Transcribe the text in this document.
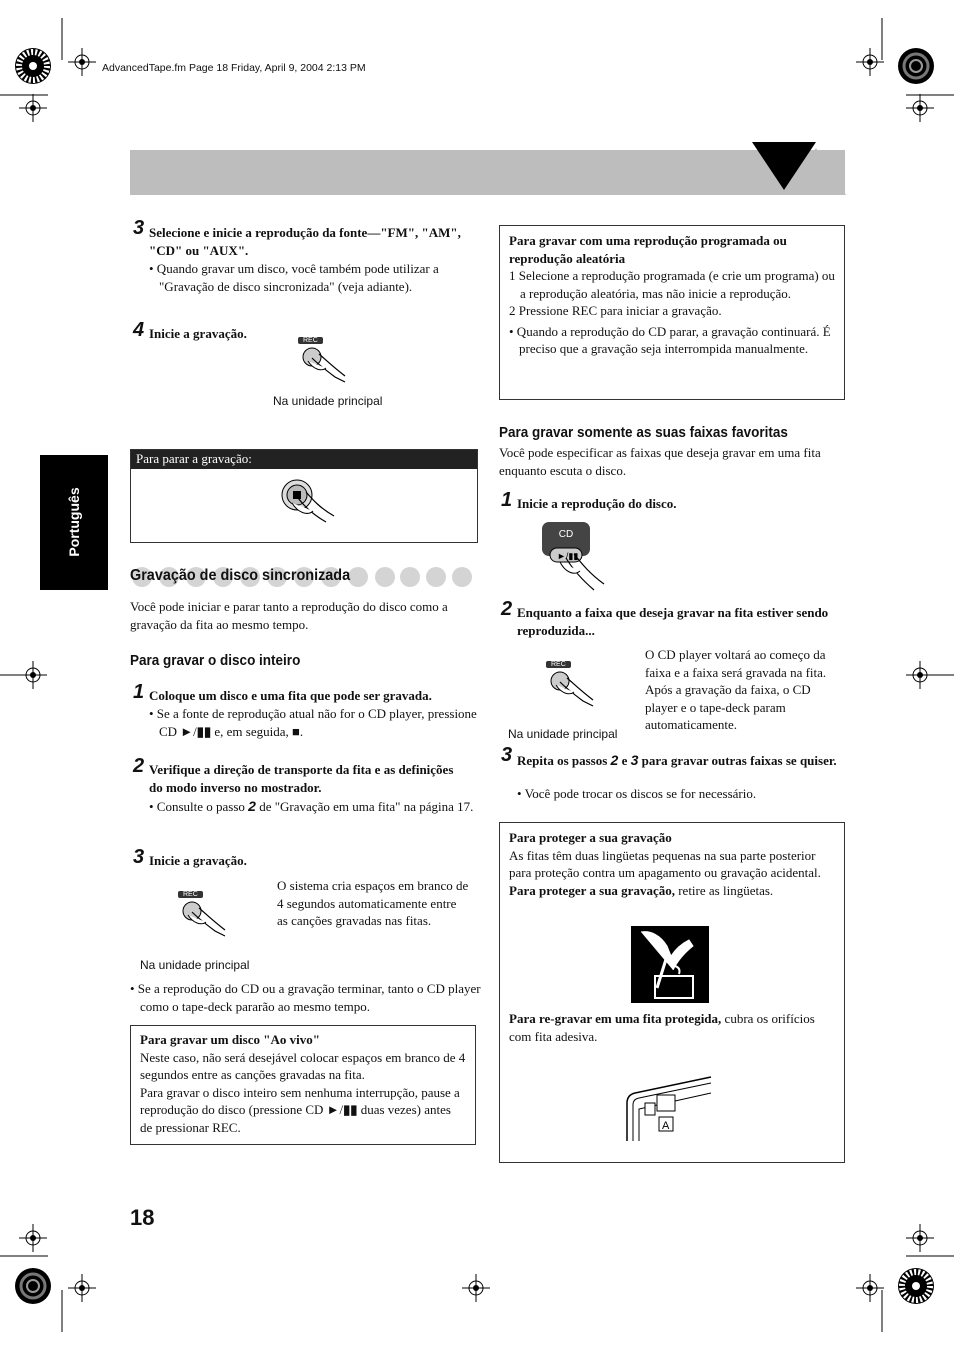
AdvancedTape.fm Page 18 Friday, April 9, 2004 2:13 PM
Português
3 Selecione e inicie a reprodução da fonte—"FM", "AM", "CD" ou "AUX".
• Quando gravar um disco, você também pode utilizar a "Gravação de disco sincronizada" (veja adiante).
4 Inicie a gravação.	REC
Na unidade principal
Para parar a gravação:
Gravação de disco sincronizada
Você pode iniciar e parar tanto a reprodução do disco como a gravação da fita ao mesmo tempo.
Para gravar o disco inteiro
1 Coloque um disco e uma fita que pode ser gravada.
• Se a fonte de reprodução atual não for o CD player, pressione CD ►/▮▮ e, em seguida, ■.
2 Verifique a direção de transporte da fita e as definições do modo inverso no mostrador.
• Consulte o passo 2 de "Gravação em uma fita" na página 17.
3 Inicie a gravação.
REC
O sistema cria espaços em branco de 4 segundos automaticamente entre as canções gravadas nas fitas.
Na unidade principal
• Se a reprodução do CD ou a gravação terminar, tanto o CD player como o tape-deck pararão ao mesmo tempo.
Para gravar um disco "Ao vivo"
Neste caso, não será desejável colocar espaços em branco de 4 segundos entre as canções gravadas na fita.
Para gravar o disco inteiro sem nenhuma interrupção, pause a reprodução do disco (pressione CD ►/▮▮ duas vezes) antes de pressionar REC.
Para gravar com uma reprodução programada ou reprodução aleatória
1 Selecione a reprodução programada (e crie um programa) ou a reprodução aleatória, mas não inicie a reprodução.
2 Pressione REC para iniciar a gravação.
• Quando a reprodução do CD parar, a gravação continuará. É preciso que a gravação seja interrompida manualmente.
Para gravar somente as suas faixas favoritas
Você pode especificar as faixas que deseja gravar em uma fita enquanto escuta o disco.
1 Inicie a reprodução do disco.
►/▮▮
CD
2 Enquanto a faixa que deseja gravar na fita estiver sendo reproduzida...
REC
O CD player voltará ao começo da faixa e a faixa será gravada na fita. Após a gravação da faixa, o CD player e o tape-deck param automaticamente.
Na unidade principal
3 Repita os passos 2 e 3 para gravar outras faixas se quiser.
• Você pode trocar os discos se for necessário.
Para proteger a sua gravação
As fitas têm duas lingüetas pequenas na sua parte posterior para proteção contra um apagamento ou gravação acidental.
Para proteger a sua gravação, retire as lingüetas.
Para re-gravar em uma fita protegida, cubra os orifícios com fita adesiva.
A
18
